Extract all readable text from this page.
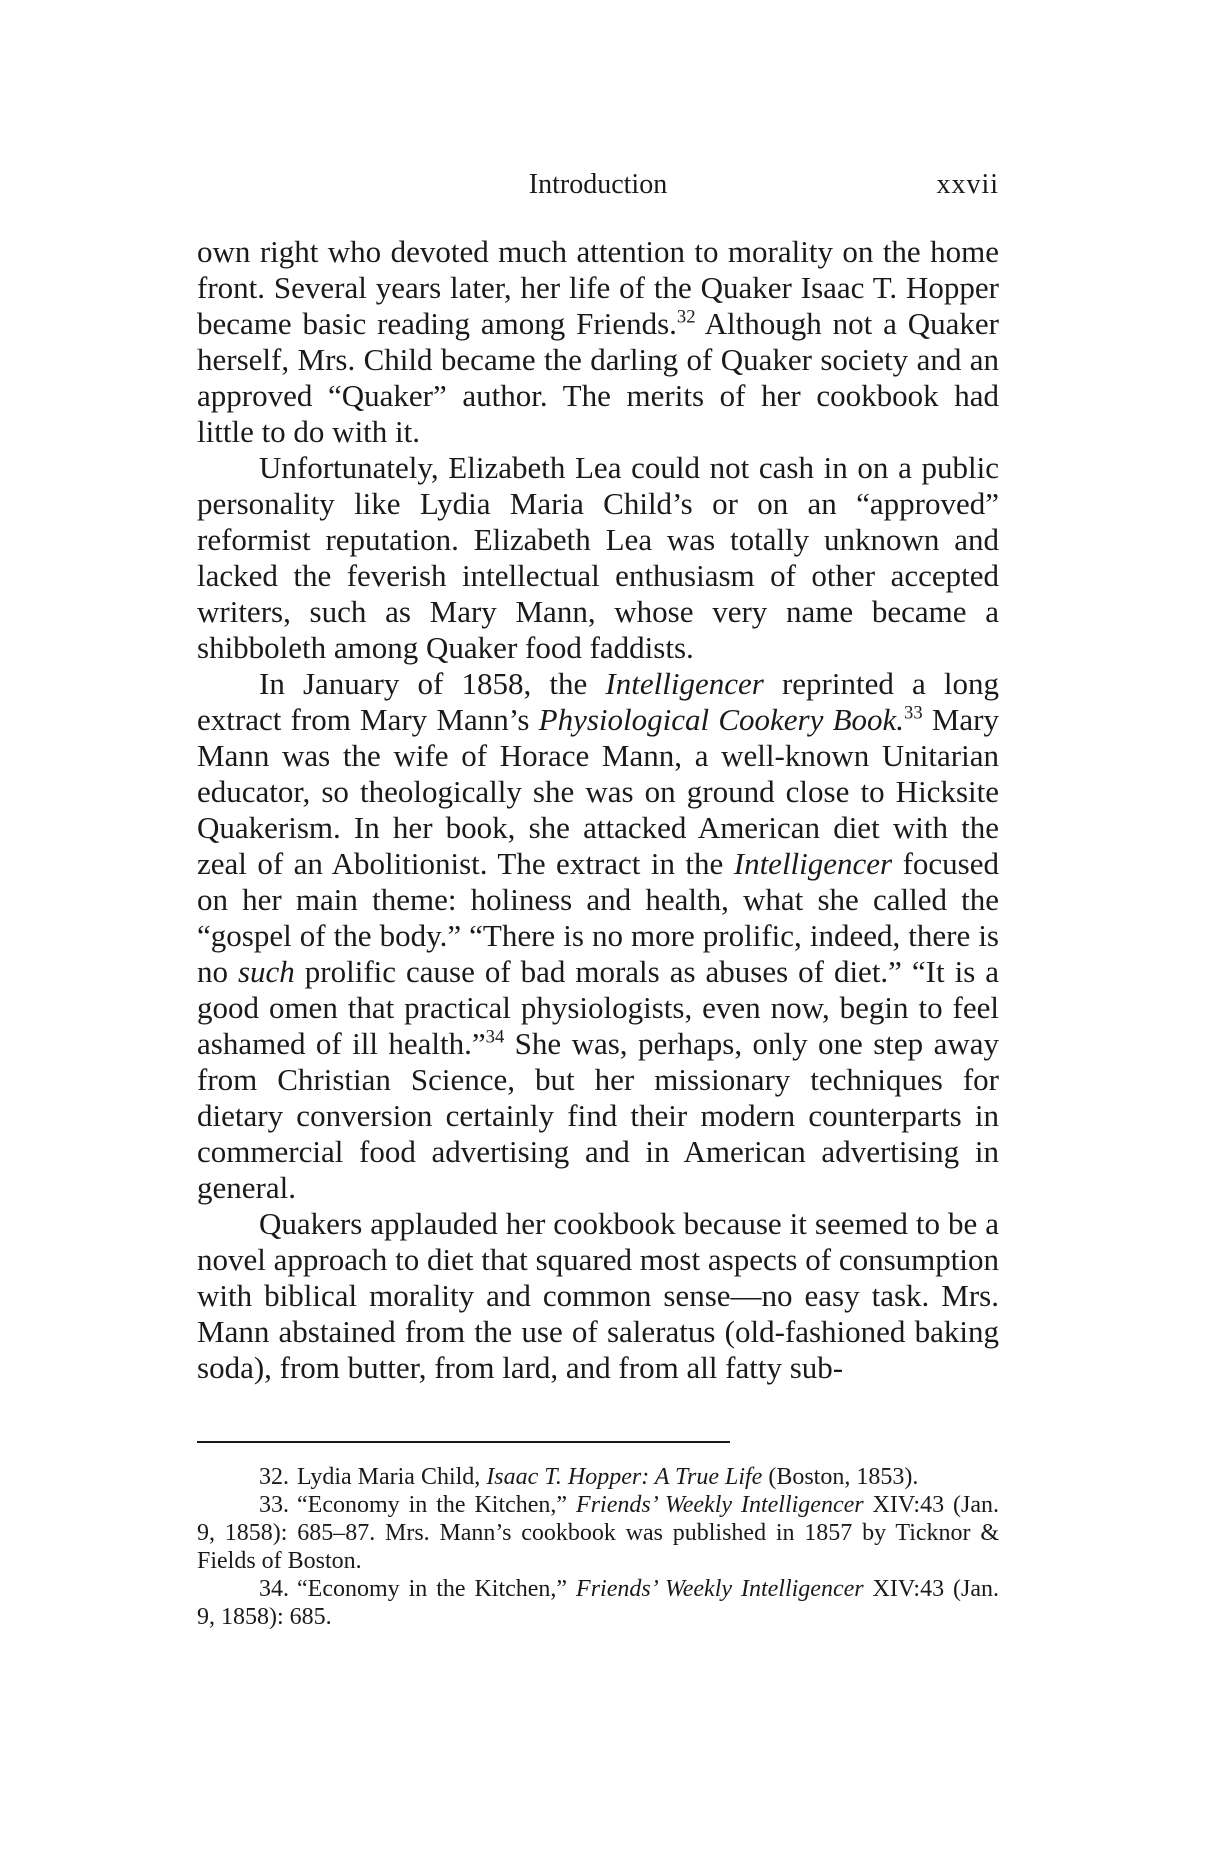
Introduction	xxvii

own right who devoted much attention to morality on the home front. Several years later, her life of the Quaker Isaac T. Hopper became basic reading among Friends.$^{32}$ Although not a Quaker herself, Mrs. Child became the darling of Quaker society and an approved “Quaker” author. The merits of her cookbook had little to do with it.

Unfortunately, Elizabeth Lea could not cash in on a public personality like Lydia Maria Child’s or on an “approved” reformist reputation. Elizabeth Lea was totally unknown and lacked the feverish intellectual enthusiasm of other accepted writers, such as Mary Mann, whose very name became a shibboleth among Quaker food faddists.

In January of 1858, the Intelligencer reprinted a long extract from Mary Mann’s Physiological Cookery Book.$^{33}$ Mary Mann was the wife of Horace Mann, a well-known Unitarian educator, so theologically she was on ground close to Hicksite Quakerism. In her book, she attacked American diet with the zeal of an Abolitionist. The extract in the Intelligencer focused on her main theme: holiness and health, what she called the “gospel of the body.” “There is no more prolific, indeed, there is no such prolific cause of bad morals as abuses of diet.” “It is a good omen that practical physiologists, even now, begin to feel ashamed of ill health.”$^{34}$ She was, perhaps, only one step away from Christian Science, but her missionary techniques for dietary conversion certainly find their modern counterparts in commercial food advertising and in American advertising in general.

Quakers applauded her cookbook because it seemed to be a novel approach to diet that squared most aspects of consumption with biblical morality and common sense—no easy task. Mrs. Mann abstained from the use of saleratus (old-fashioned baking soda), from butter, from lard, and from all fatty sub-

32. Lydia Maria Child, Isaac T. Hopper: A True Life (Boston, 1853).

33. “Economy in the Kitchen,” Friends’ Weekly Intelligencer XIV:43 (Jan. 9, 1858): 685–87. Mrs. Mann’s cookbook was published in 1857 by Ticknor & Fields of Boston.

34. “Economy in the Kitchen,” Friends’ Weekly Intelligencer XIV:43 (Jan. 9, 1858): 685.
